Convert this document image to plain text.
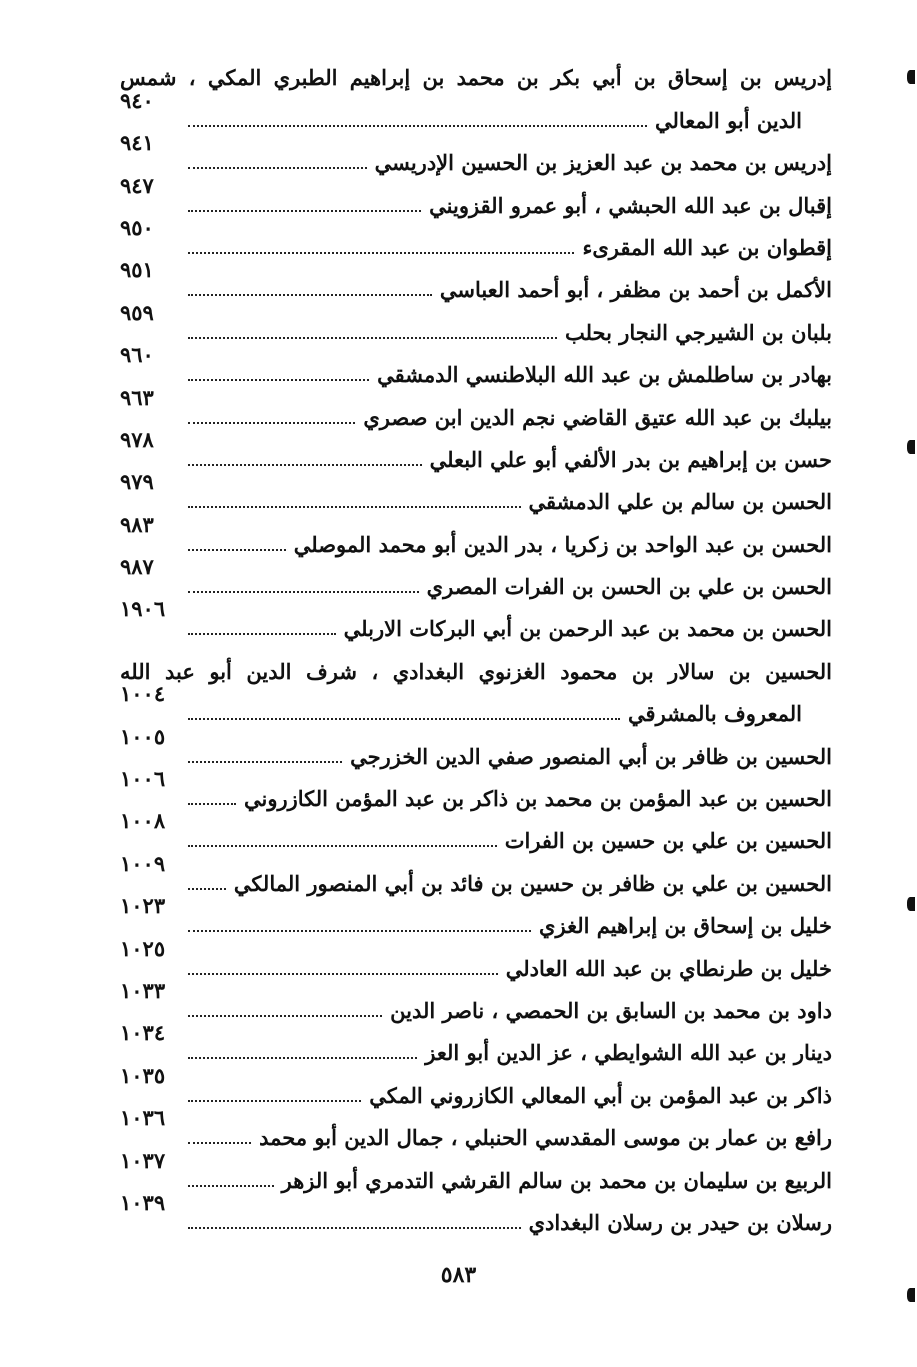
إدريس بن إسحاق بن أبي بكر بن محمد بن إبراهيم الطبري المكي ، شمس
الدين أبو المعالي
٩٤٠
إدريس بن محمد بن عبد العزيز بن الحسين الإدريسي
٩٤١
إقبال بن عبد الله الحبشي ، أبو عمرو القزويني
٩٤٧
إقطوان بن عبد الله المقرىء
٩٥٠
الأكمل بن أحمد بن مظفر ، أبو أحمد العباسي
٩٥١
بلبان بن الشيرجي النجار بحلب
٩٥٩
بهادر بن ساطلمش بن عبد الله البلاطنسي الدمشقي
٩٦٠
بيلبك بن عبد الله عتيق القاضي نجم الدين ابن صصري
٩٦٣
حسن بن إبراهيم بن بدر الألفي أبو علي البعلي
٩٧٨
الحسن بن سالم بن علي الدمشقي
٩٧٩
الحسن بن عبد الواحد بن زكريا ، بدر الدين أبو محمد الموصلي
٩٨٣
الحسن بن علي بن الحسن بن الفرات المصري
٩٨٧
الحسن بن محمد بن عبد الرحمن بن أبي البركات الاربلي
١٩٠٦
الحسين بن سالار بن محمود الغزنوي البغدادي ، شرف الدين أبو عبد الله
المعروف بالمشرقي
١٠٠٤
الحسين بن ظافر بن أبي المنصور صفي الدين الخزرجي
١٠٠٥
الحسين بن عبد المؤمن بن محمد بن ذاكر بن عبد المؤمن الكازروني
١٠٠٦
الحسين بن علي بن حسين بن الفرات
١٠٠٨
الحسين بن علي بن ظافر بن حسين بن فائد بن أبي المنصور المالكي
١٠٠٩
خليل بن إسحاق بن إبراهيم الغزي
١٠٢٣
خليل بن طرنطاي بن عبد الله العادلي
١٠٢٥
داود بن محمد بن السابق بن الحمصي ، ناصر الدين
١٠٣٣
دينار بن عبد الله الشوايطي ، عز الدين أبو العز
١٠٣٤
ذاكر بن عبد المؤمن بن أبي المعالي الكازروني المكي
١٠٣٥
رافع بن عمار بن موسى المقدسي الحنبلي ، جمال الدين أبو محمد
١٠٣٦
الربيع بن سليمان بن محمد بن سالم القرشي التدمري أبو الزهر
١٠٣٧
رسلان بن حيدر بن رسلان البغدادي
١٠٣٩
٥٨٣
